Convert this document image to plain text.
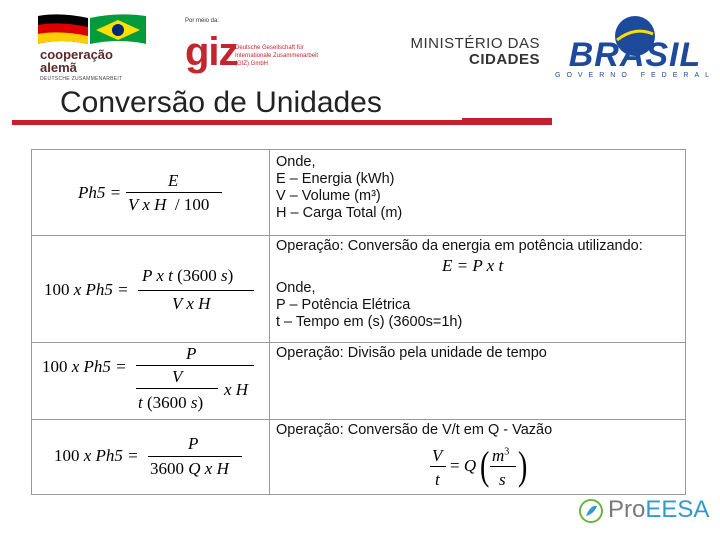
cooperação
alemã
DEUTSCHE ZUSAMMENARBEIT
Por meio da:
giz
Deutsche Gesellschaft für Internationale Zusammenarbeit (GIZ) GmbH
MINISTÉRIO DAS
CIDADES BRASIL
GOVERNO FEDERAL
Conversão de Unidades
Ph5 =
E
V x H  / 100
Onde,
E – Energia (kWh)
V – Volume (m³)
H – Carga Total (m)
100 x Ph5 =
P x t (3600 s)
V x H
Operação: Conversão da energia em potência utilizando:
E = P x t
Onde,
P – Potência Elétrica
t – Tempo em (s) (3600s=1h)
100 x Ph5 =
P
V
t (3600 s)
x H
Operação: Divisão pela unidade de tempo
100 x Ph5 =
P
3600 Q x H
Operação: Conversão de V/t em Q - Vazão
V
t
= Q ( $m^3$
s )
ProEESA
